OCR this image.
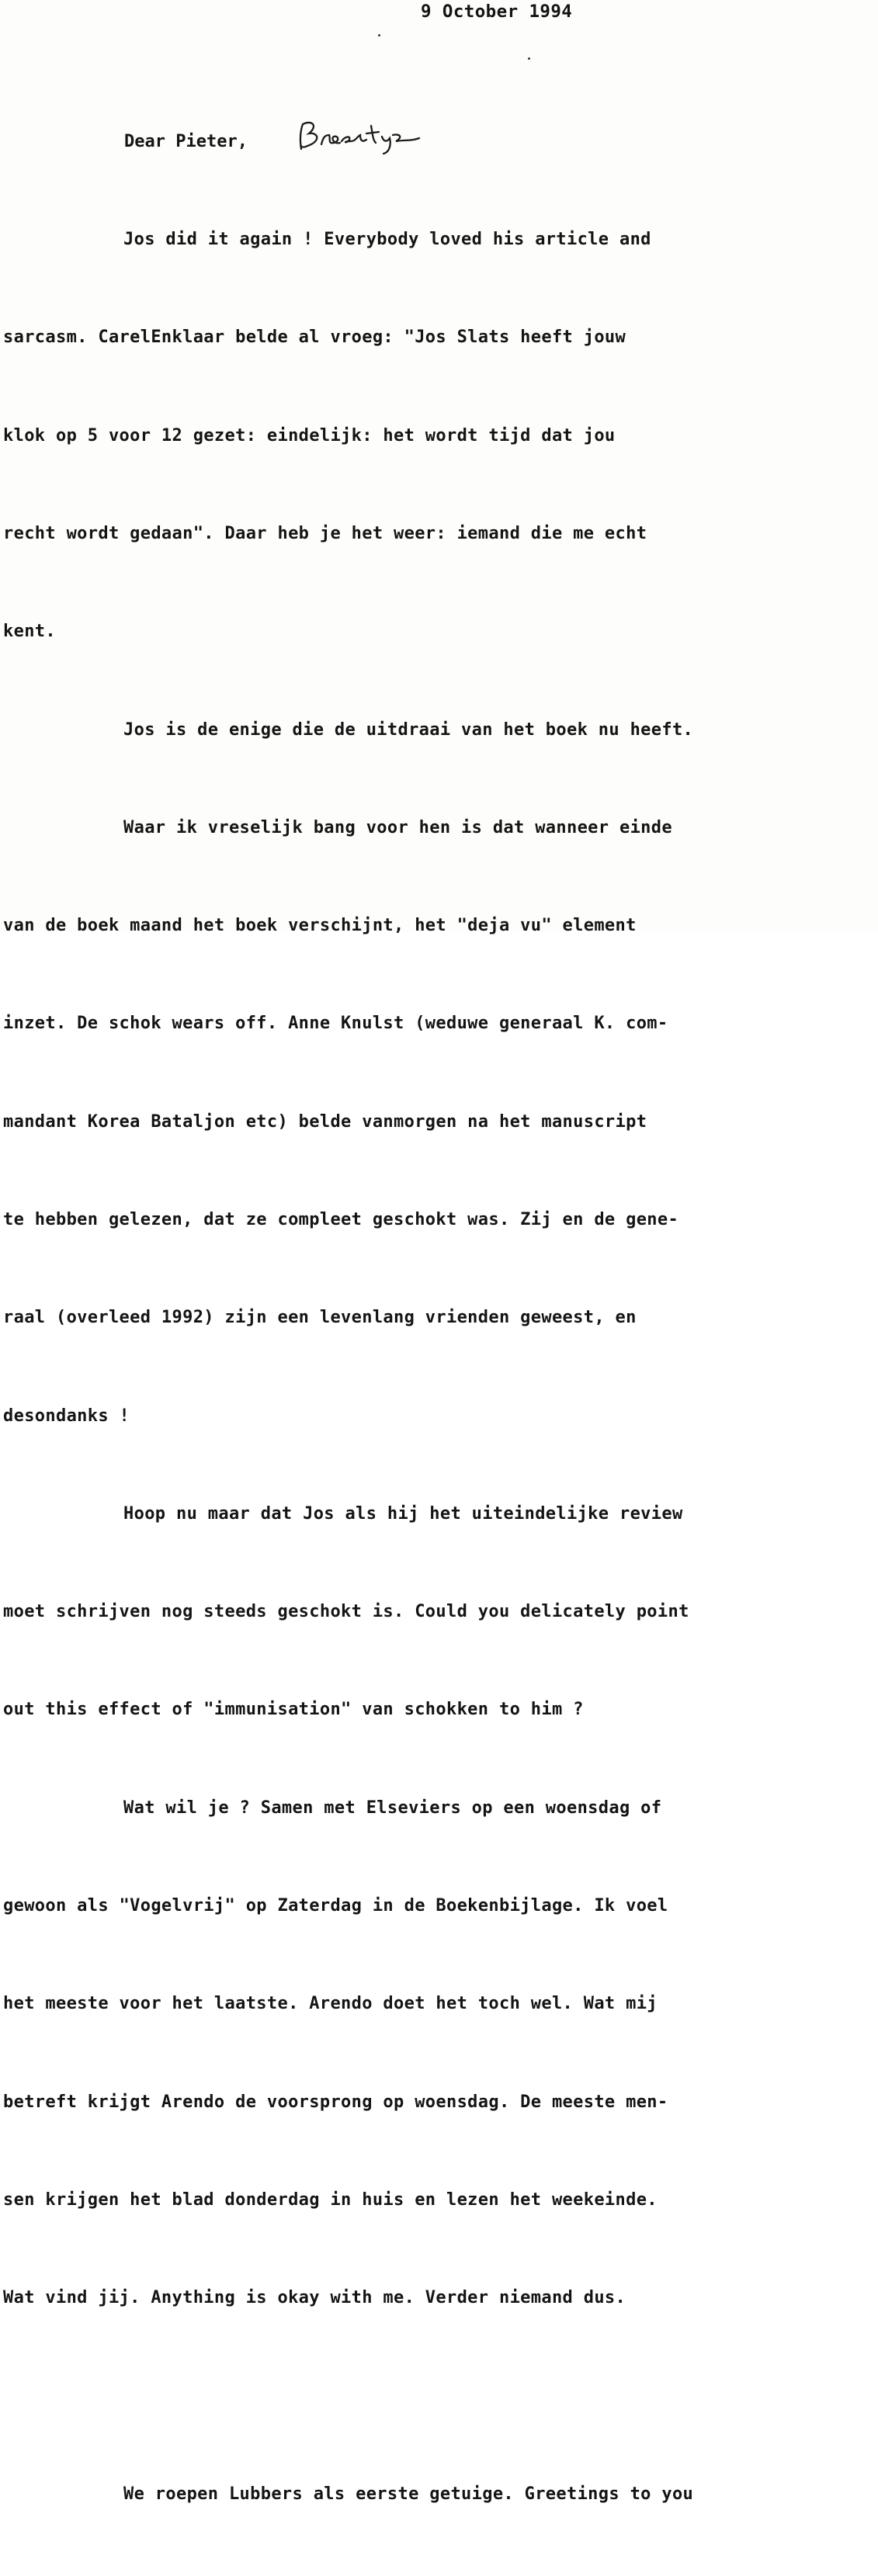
9 October 1994
Dear Pieter,

Jos did it again ! Everybody loved his article and

sarcasm. CarelEnklaar belde al vroeg: "Jos Slats heeft jouw

klok op 5 voor 12 gezet: eindelijk: het wordt tijd dat jou

recht wordt gedaan". Daar heb je het weer: iemand die me echt

kent.

Jos is de enige die de uitdraai van het boek nu heeft.

Waar ik vreselijk bang voor hen is dat wanneer einde

van de boek maand het boek verschijnt, het "deja vu" element

inzet. De schok wears off. Anne Knulst (weduwe generaal K. com-

mandant Korea Bataljon etc) belde vanmorgen na het manuscript

te hebben gelezen, dat ze compleet geschokt was. Zij en de gene-

raal (overleed 1992) zijn een levenlang vrienden geweest, en

desondanks !

Hoop nu maar dat Jos als hij het uiteindelijke review

moet schrijven nog steeds geschokt is. Could you delicately point

out this effect of "immunisation" van schokken to him ?

Wat wil je ? Samen met Elseviers op een woensdag of

gewoon als "Vogelvrij" op Zaterdag in de Boekenbijlage. Ik voel

het meeste voor het laatste. Arendo doet het toch wel. Wat mij

betreft krijgt Arendo de voorsprong op woensdag. De meeste men-

sen krijgen het blad donderdag in huis en lezen het weekeinde.

Wat vind jij. Anything is okay with me. Verder niemand dus.

We roepen Lubbers als eerste getuige. Greetings to you
